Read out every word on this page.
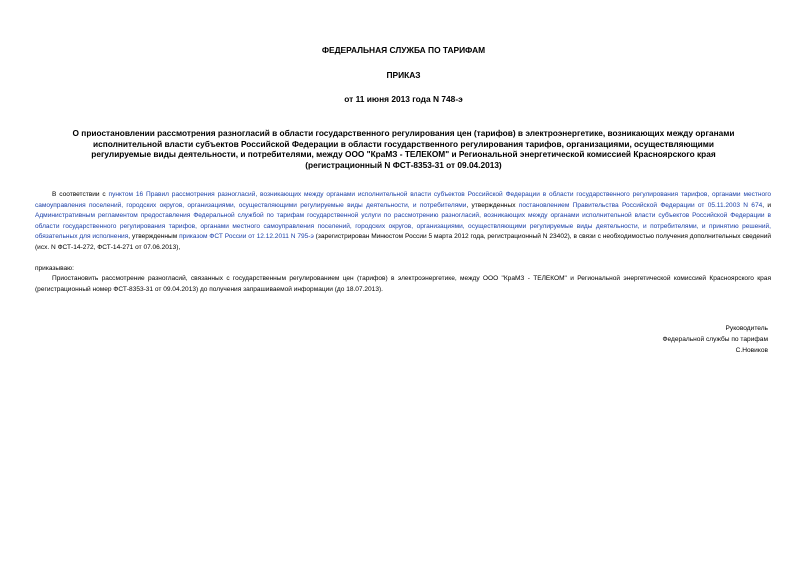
ФЕДЕРАЛЬНАЯ СЛУЖБА ПО ТАРИФАМ
ПРИКАЗ
от 11 июня 2013 года N 748-э
О приостановлении рассмотрения разногласий в области государственного регулирования цен (тарифов) в электроэнергетике, возникающих между органами
исполнительной власти субъектов Российской Федерации в области государственного регулирования тарифов, организациями, осуществляющими
регулируемые виды деятельности, и потребителями, между ООО "КраМЗ - ТЕЛЕКОМ" и Региональной энергетической комиссией Красноярского края
(регистрационный N ФСТ-8353-31 от 09.04.2013)
В соответствии с пунктом 16 Правил рассмотрения разногласий, возникающих между органами исполнительной власти субъектов Российской Федерации в области государственного регулирования тарифов, органами местного самоуправления поселений, городских округов, организациями, осуществляющими регулируемые виды деятельности, и потребителями, утвержденных постановлением Правительства Российской Федерации от 05.11.2003 N 674, и Административным регламентом предоставления Федеральной службой по тарифам государственной услуги по рассмотрению разногласий, возникающих между органами исполнительной власти субъектов Российской Федерации в области государственного регулирования тарифов, органами местного самоуправления поселений, городских округов, организациями, осуществляющими регулируемые виды деятельности, и потребителями, и принятию решений, обязательных для исполнения, утвержденным приказом ФСТ России от 12.12.2011 N 795-э (зарегистрирован Минюстом России 5 марта 2012 года, регистрационный N 23402), в связи с необходимостью получения дополнительных сведений (исх. N ФСТ-14-272, ФСТ-14-271 от 07.06.2013),
приказываю:
Приостановить рассмотрение разногласий, связанных с государственным регулированием цен (тарифов) в электроэнергетике, между ООО "КраМЗ - ТЕЛЕКОМ" и Региональной энергетической комиссией Красноярского края (регистрационный номер ФСТ-8353-31 от 09.04.2013) до получения запрашиваемой информации (до 18.07.2013).
Руководитель
Федеральной службы по тарифам
С.Новиков
